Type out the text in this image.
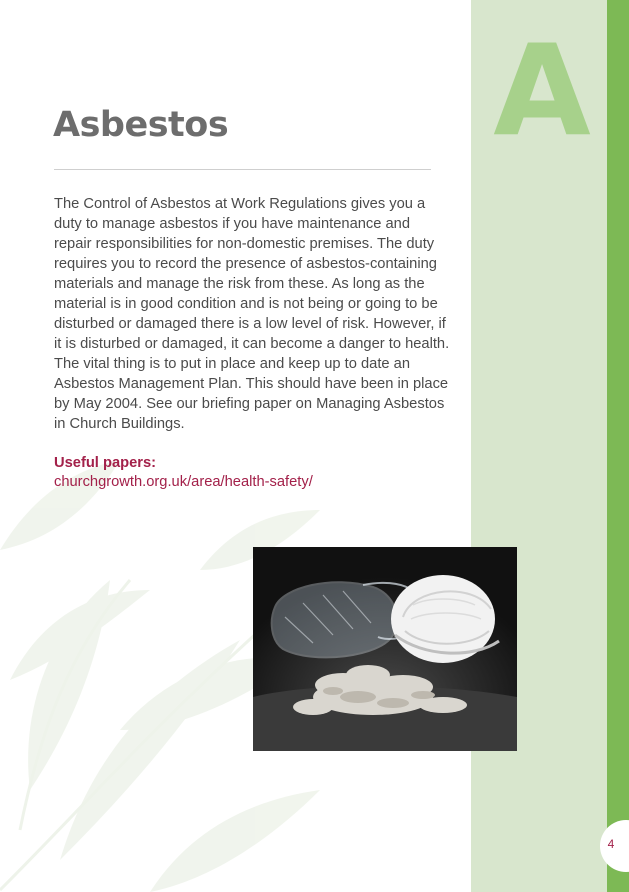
A
Asbestos

The Control of Asbestos at Work Regulations gives you a duty to manage asbestos if you have maintenance and repair responsibilities for non-domestic premises. The duty requires you to record the presence of asbestos-containing materials and manage the risk from these. As long as the material is in good condition and is not being or going to be disturbed or damaged there is a low level of risk. However, if it is disturbed or damaged, it can become a danger to health. The vital thing is to put in place and keep up to date an Asbestos Management Plan. This should have been in place by May 2004. See our briefing paper on Managing Asbestos in Church Buildings.

Useful papers:

churchgrowth.org.uk/area/health-safety/
4
